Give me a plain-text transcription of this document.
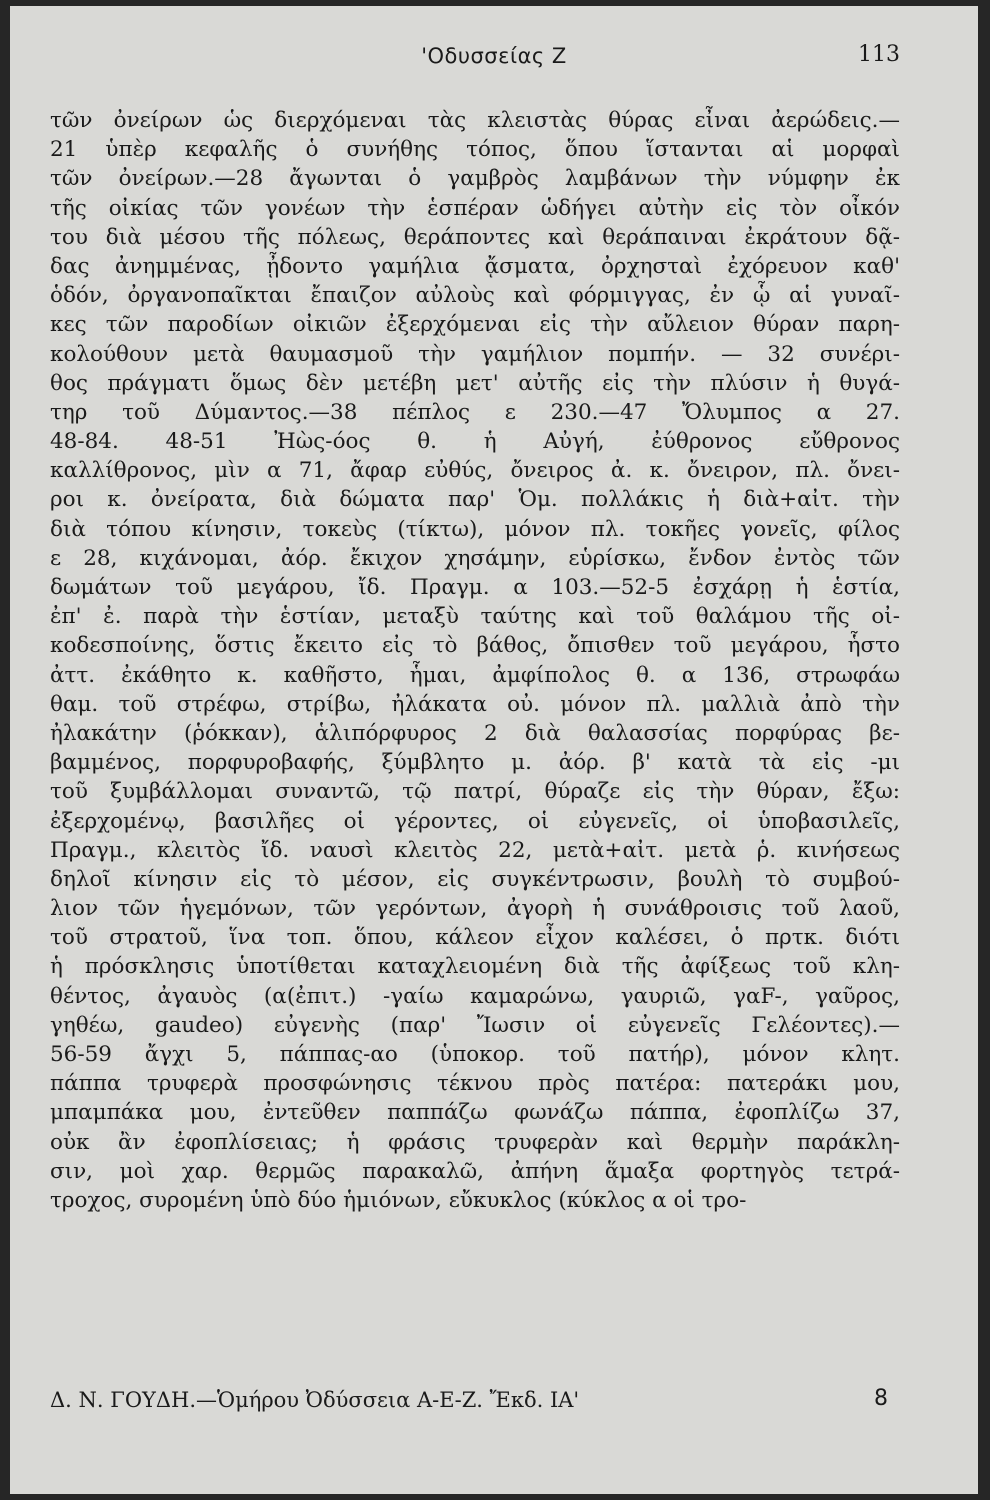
'Οδυσσείας Ζ	113
τῶν ὀνείρων ὡς διερχόμεναι τὰς κλειστὰς θύρας εἶναι ἀερώδεις.—
21 ὑπὲρ κεφαλῆς ὁ συνήθης τόπος, ὅπου ἵστανται αἱ μορφαὶ
τῶν ὀνείρων.—28 ἄγωνται ὁ γαμβρὸς λαμβάνων τὴν νύμφην ἐκ
τῆς οἰκίας τῶν γονέων τὴν ἑσπέραν ὡδήγει αὐτὴν εἰς τὸν οἶκόν
του διὰ μέσου τῆς πόλεως, θεράποντες καὶ θεράπαιναι ἐκράτουν δᾷ-
δας ἀνημμένας, ᾖδοντο γαμήλια ᾄσματα, ὀρχησταὶ ἐχόρευον καθ'
ὁδόν, ὀργανοπαῖκται ἔπαιζον αὐλοὺς καὶ φόρμιγγας, ἐν ᾧ αἱ γυναῖ-
κες τῶν παροδίων οἰκιῶν ἐξερχόμεναι εἰς τὴν αὔλειον θύραν παρη-
κολούθουν μετὰ θαυμασμοῦ τὴν γαμήλιον πομπήν. — 32 συνέρι-
θος πράγματι ὅμως δὲν μετέβη μετ' αὐτῆς εἰς τὴν πλύσιν ἡ θυγά-
τηρ τοῦ Δύμαντος.—38 πέπλος ε 230.—47 Ὄλυμπος α 27.
48-84. 48-51 Ἠὼς-όος θ. ἡ Αὐγή, ἐύθρονος εὔθρονος
καλλίθρονος, μὶν α 71, ἄφαρ εὐθύς, ὄνειρος ἀ. κ. ὄνειρον, πλ. ὄνει-
ροι κ. ὀνείρατα, διὰ δώματα παρ' Ὁμ. πολλάκις ἡ διὰ+αἰτ. τὴν
διὰ τόπου κίνησιν, τοκεὺς (τίκτω), μόνον πλ. τοκῆες γονεῖς, φίλος
ε 28, κιχάνομαι, ἀόρ. ἔκιχον χησάμην, εὑρίσκω, ἔνδον ἐντὸς τῶν
δωμάτων τοῦ μεγάρου, ἴδ. Πραγμ. α 103.—52-5 ἐσχάρῃ ἡ ἑστία,
ἐπ' ἐ. παρὰ τὴν ἑστίαν, μεταξὺ ταύτης καὶ τοῦ θαλάμου τῆς οἰ-
κοδεσποίνης, ὅστις ἔκειτο εἰς τὸ βάθος, ὄπισθεν τοῦ μεγάρου, ἧστο
ἀττ. ἐκάθητο κ. καθῆστο, ἧμαι, ἀμφίπολος θ. α 136, στρωφάω
θαμ. τοῦ στρέφω, στρίβω, ἠλάκατα οὐ. μόνον πλ. μαλλιὰ ἀπὸ τὴν
ἠλακάτην (ῥόκκαν), ἁλιπόρφυρος 2 διὰ θαλασσίας πορφύρας βε-
βαμμένος, πορφυροβαφής, ξύμβλητο μ. ἀόρ. β' κατὰ τὰ εἰς -μι
τοῦ ξυμβάλλομαι συναντῶ, τῷ πατρί, θύραζε εἰς τὴν θύραν, ἔξω:
ἐξερχομένῳ, βασιλῆες οἱ γέροντες, οἱ εὐγενεῖς, οἱ ὑποβασιλεῖς,
Πραγμ., κλειτὸς ἴδ. ναυσὶ κλειτὸς 22, μετὰ+αἰτ. μετὰ ῥ. κινήσεως
δηλοῖ κίνησιν εἰς τὸ μέσον, εἰς συγκέντρωσιν, βουλὴ τὸ συμβού-
λιον τῶν ἡγεμόνων, τῶν γερόντων, ἀγορὴ ἡ συνάθροισις τοῦ λαοῦ,
τοῦ στρατοῦ, ἵνα τοπ. ὅπου, κάλεον εἶχον καλέσει, ὁ πρτκ. διότι
ἡ πρόσκλησις ὑποτίθεται καταχλειομένη διὰ τῆς ἀφίξεως τοῦ κλη-
θέντος, ἀγαυὸς (α(ἐπιτ.) -γαίω καμαρώνω, γαυριῶ, γαF-, γαῦρος,
γηθέω, gaudeo) εὐγενὴς (παρ' Ἴωσιν οἱ εὐγενεῖς Γελέοντες).—
56-59 ἄγχι 5, πάππας-αο (ὑποκορ. τοῦ πατήρ), μόνον κλητ.
πάππα τρυφερὰ προσφώνησις τέκνου πρὸς πατέρα: πατεράκι μου,
μπαμπάκα μου, ἐντεῦθεν παππάζω φωνάζω πάππα, ἐφοπλίζω 37,
οὐκ ἂν ἐφοπλίσειας; ἡ φράσις τρυφερὰν καὶ θερμὴν παράκλη-
σιν, μοὶ χαρ. θερμῶς παρακαλῶ, ἀπήνη ἅμαξα φορτηγὸς τετρά-
τροχος, συρομένη ὑπὸ δύο ἡμιόνων, εὔκυκλος (κύκλος α οἱ τρο-
Δ. Ν. ΓΟΥΔΗ.—Ὁμήρου Ὀδύσσεια Α-Ε-Ζ. Ἔκδ. ΙΑ'	8
